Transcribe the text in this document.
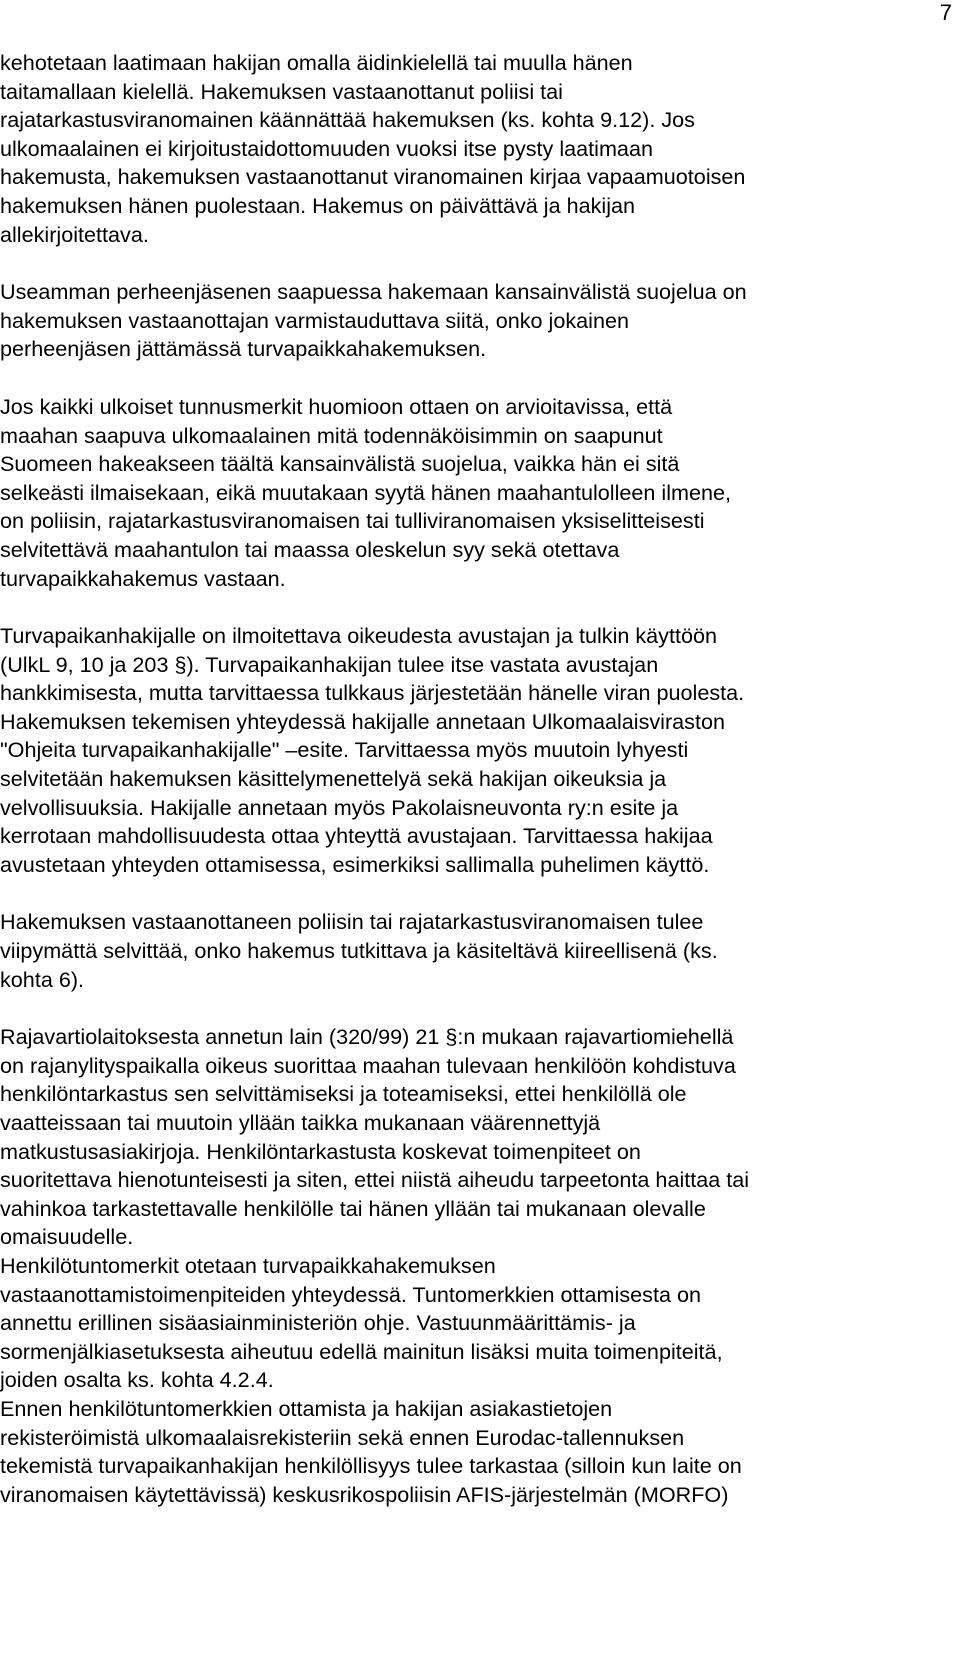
7
kehotetaan laatimaan hakijan omalla äidinkielellä tai muulla hänen
taitamallaan kielellä. Hakemuksen vastaanottanut poliisi tai
rajatarkastusviranomainen käännättää hakemuksen (ks. kohta 9.12). Jos
ulkomaalainen ei kirjoitustaidottomuuden vuoksi itse pysty laatimaan
hakemusta, hakemuksen vastaanottanut viranomainen kirjaa vapaamuotoisen
hakemuksen hänen puolestaan. Hakemus on päivättävä ja hakijan
allekirjoitettava.
Useamman perheenjäsenen saapuessa hakemaan kansainvälistä suojelua on
hakemuksen vastaanottajan varmistauduttava siitä, onko jokainen
perheenjäsen jättämässä turvapaikkahakemuksen.
Jos kaikki ulkoiset tunnusmerkit huomioon ottaen on arvioitavissa, että
maahan saapuva ulkomaalainen mitä todennäköisimmin on saapunut
Suomeen hakeakseen täältä kansainvälistä suojelua, vaikka hän ei sitä
selkeästi ilmaisekaan, eikä muutakaan syytä hänen maahantulolleen ilmene,
on poliisin, rajatarkastusviranomaisen tai tulliviranomaisen yksiselitteisesti
selvitettävä maahantulon tai maassa oleskelun syy sekä otettava
turvapaikkahakemus vastaan.
Turvapaikanhakijalle on ilmoitettava oikeudesta avustajan ja tulkin käyttöön
(UlkL 9, 10 ja 203 §). Turvapaikanhakijan tulee itse vastata avustajan
hankkimisesta, mutta tarvittaessa tulkkaus järjestetään hänelle viran puolesta.
Hakemuksen tekemisen yhteydessä hakijalle annetaan Ulkomaalaisviraston
"Ohjeita turvapaikanhakijalle" –esite. Tarvittaessa myös muutoin lyhyesti
selvitetään hakemuksen käsittelymenettelyä sekä hakijan oikeuksia ja
velvollisuuksia. Hakijalle annetaan myös Pakolaisneuvonta ry:n esite ja
kerrotaan mahdollisuudesta ottaa yhteyttä avustajaan. Tarvittaessa hakijaa
avustetaan yhteyden ottamisessa, esimerkiksi sallimalla puhelimen käyttö.
Hakemuksen vastaanottaneen poliisin tai rajatarkastusviranomaisen tulee
viipymättä selvittää, onko hakemus tutkittava ja käsiteltävä kiireellisenä (ks.
kohta 6).
Rajavartiolaitoksesta annetun lain (320/99) 21 §:n mukaan rajavartiomiehellä
on rajanylityspaikalla oikeus suorittaa maahan tulevaan henkilöön kohdistuva
henkilöntarkastus sen selvittämiseksi ja toteamiseksi, ettei henkilöllä ole
vaatteissaan tai muutoin yllään taikka mukanaan väärennettyjä
matkustusasiakirjoja. Henkilöntarkastusta koskevat toimenpiteet on
suoritettava hienotunteisesti ja siten, ettei niistä aiheudu tarpeetonta haittaa tai
vahinkoa tarkastettavalle henkilölle tai hänen yllään tai mukanaan olevalle
omaisuudelle.
Henkilötuntomerkit otetaan turvapaikkahakemuksen
vastaanottamistoimenpiteiden yhteydessä. Tuntomerkkien ottamisesta on
annettu erillinen sisäasiainministeriön ohje. Vastuunmäärittämis- ja
sormenjälkiasetuksesta aiheutuu edellä mainitun lisäksi muita toimenpiteitä,
joiden osalta ks. kohta 4.2.4.
Ennen henkilötuntomerkkien ottamista ja hakijan asiakastietojen
rekisteröimistä ulkomaalaisrekisteriin sekä ennen Eurodac-tallennuksen
tekemistä turvapaikanhakijan henkilöllisyys tulee tarkastaa (silloin kun laite on
viranomaisen käytettävissä) keskusrikospoliisin AFIS-järjestelmän (MORFO)
